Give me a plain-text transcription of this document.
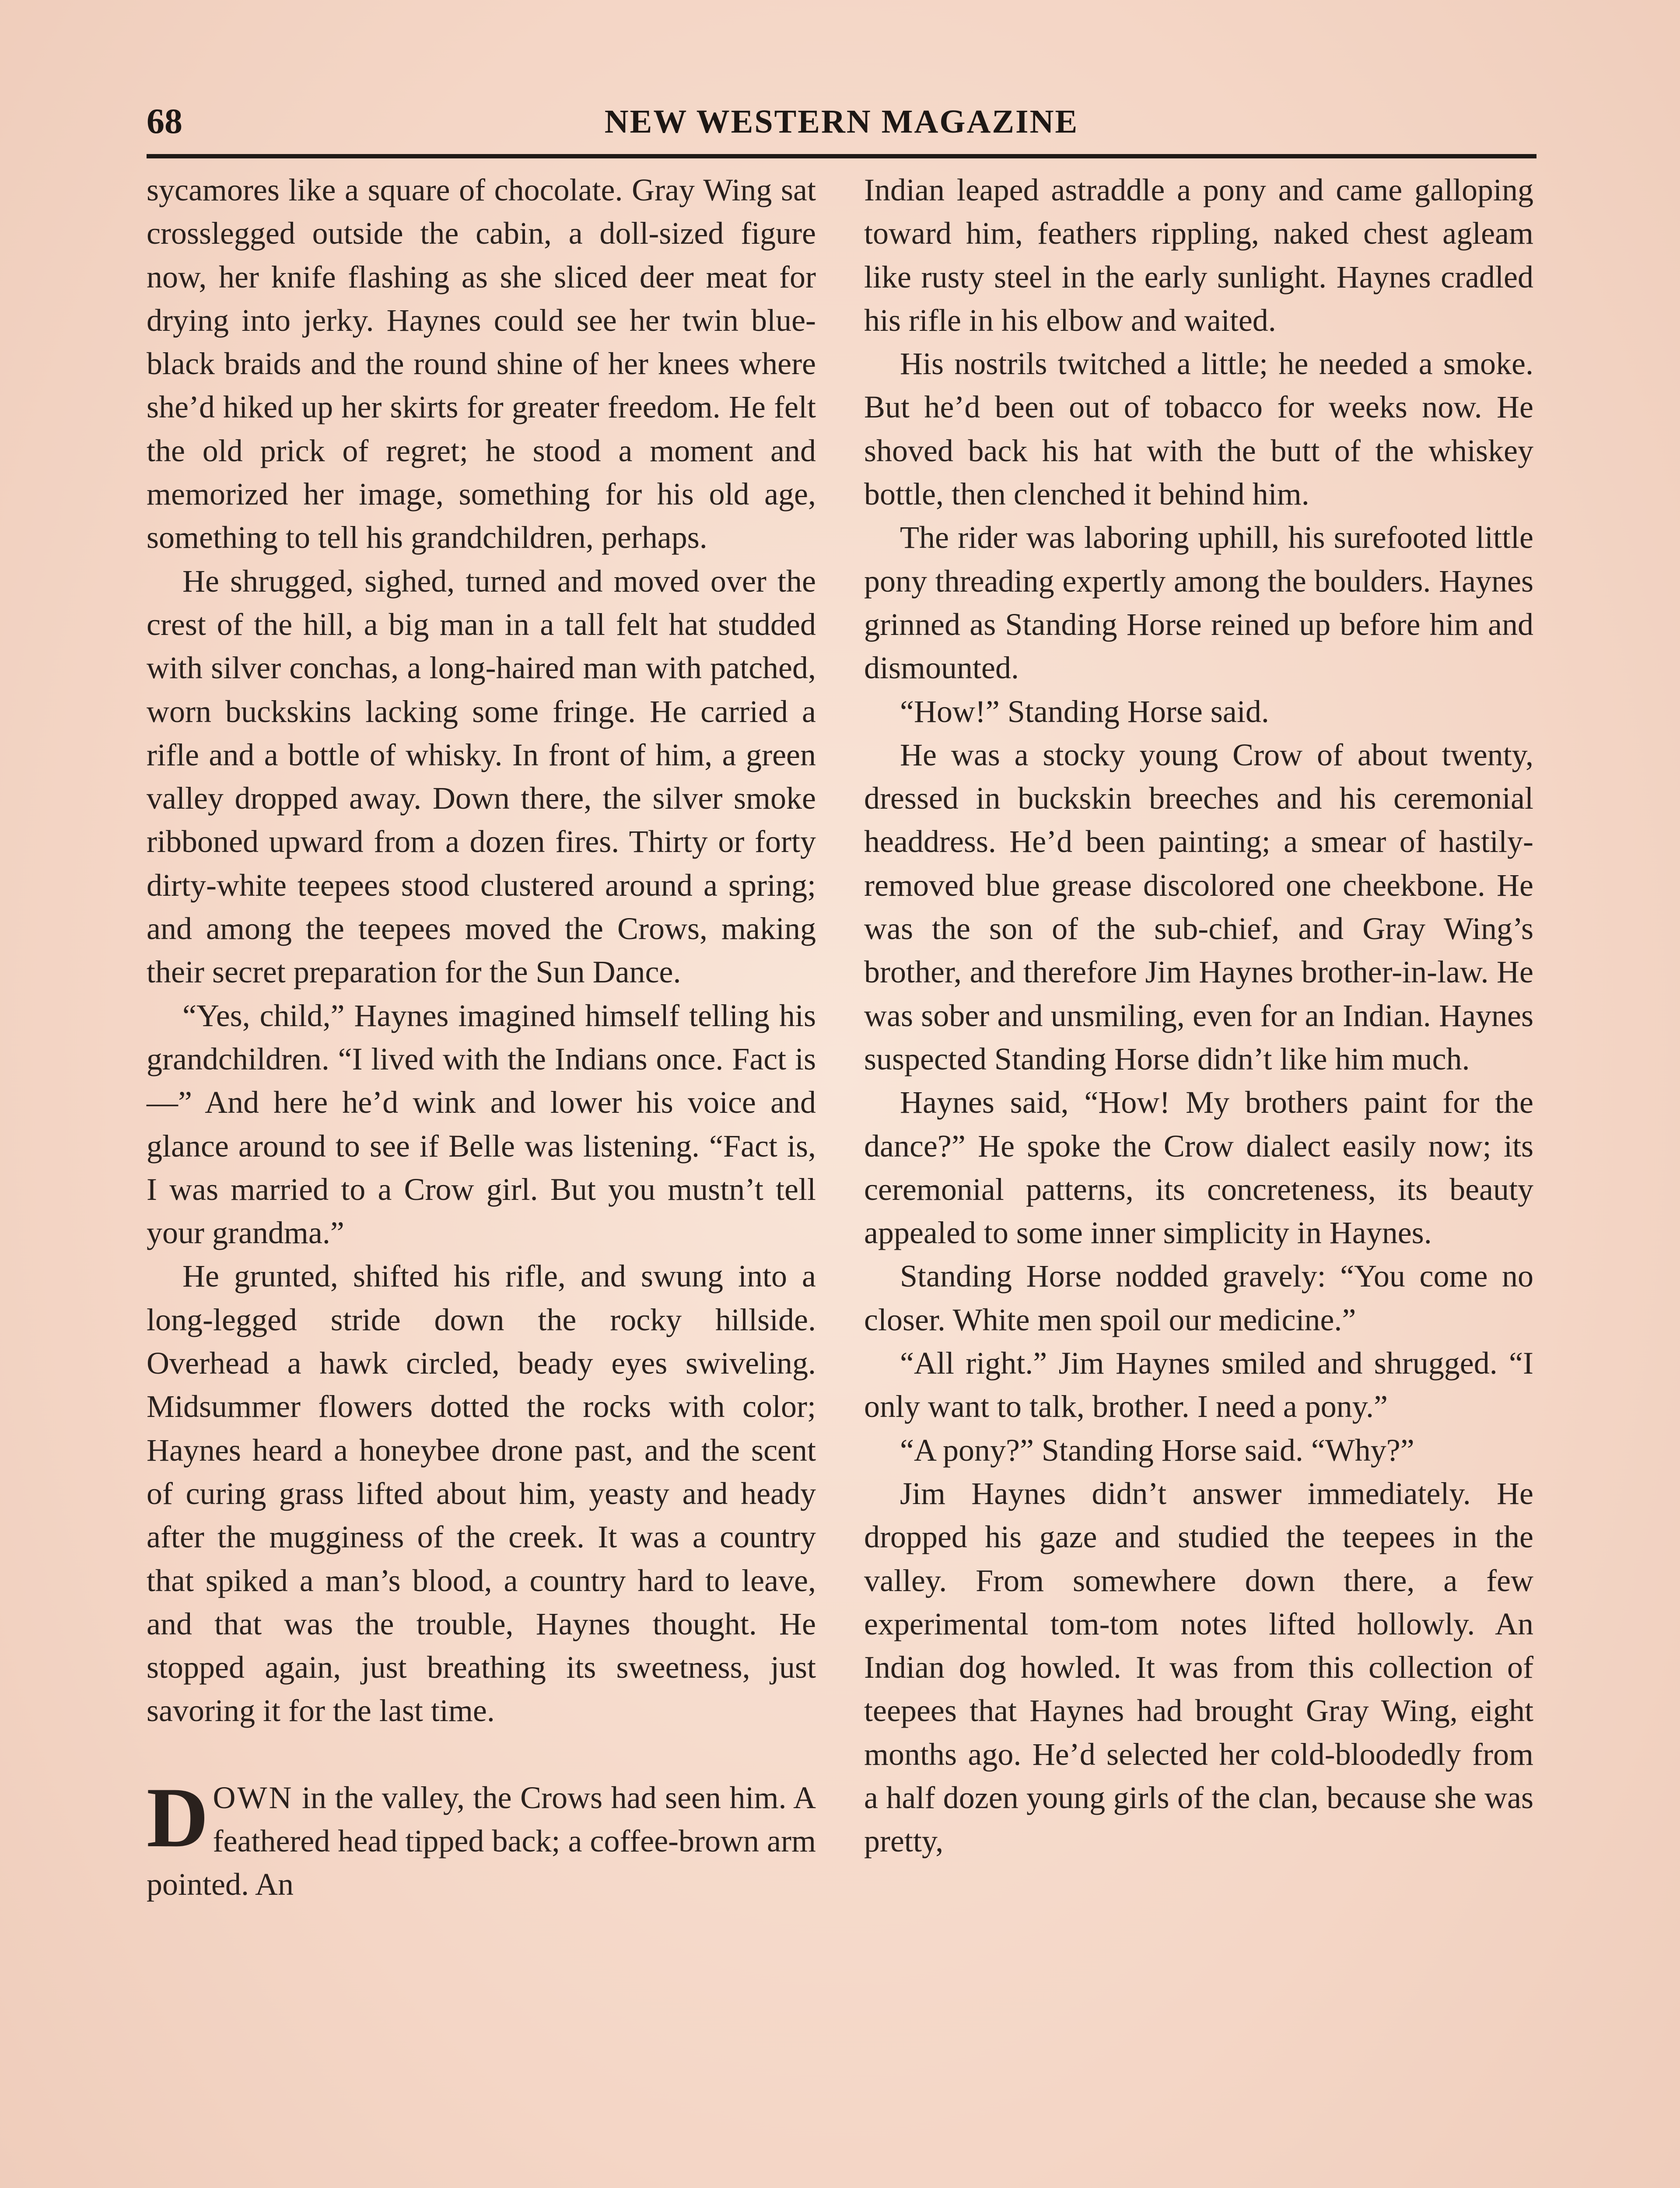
68	NEW WESTERN MAGAZINE

sycamores like a square of chocolate. Gray Wing sat crosslegged outside the cabin, a doll-sized figure now, her knife flashing as she sliced deer meat for drying into jerky. Haynes could see her twin blue-black braids and the round shine of her knees where she’d hiked up her skirts for greater freedom. He felt the old prick of regret; he stood a moment and memorized her image, something for his old age, something to tell his grandchildren, perhaps.

He shrugged, sighed, turned and moved over the crest of the hill, a big man in a tall felt hat studded with silver conchas, a long-haired man with patched, worn buckskins lacking some fringe. He carried a rifle and a bottle of whisky. In front of him, a green valley dropped away. Down there, the silver smoke ribboned upward from a dozen fires. Thirty or forty dirty-white teepees stood clustered around a spring; and among the teepees moved the Crows, making their secret preparation for the Sun Dance.

“Yes, child,” Haynes imagined himself telling his grandchildren. “I lived with the Indians once. Fact is—” And here he’d wink and lower his voice and glance around to see if Belle was listening. “Fact is, I was married to a Crow girl. But you mustn’t tell your grandma.”

He grunted, shifted his rifle, and swung into a long-legged stride down the rocky hillside. Overhead a hawk circled, beady eyes swiveling. Midsummer flowers dotted the rocks with color; Haynes heard a honeybee drone past, and the scent of curing grass lifted about him, yeasty and heady after the mugginess of the creek. It was a country that spiked a man’s blood, a country hard to leave, and that was the trouble, Haynes thought. He stopped again, just breathing its sweetness, just savoring it for the last time.

DOWN in the valley, the Crows had seen him. A feathered head tipped back; a coffee-brown arm pointed. An

Indian leaped astraddle a pony and came galloping toward him, feathers rippling, naked chest agleam like rusty steel in the early sunlight. Haynes cradled his rifle in his elbow and waited.

His nostrils twitched a little; he needed a smoke. But he’d been out of tobacco for weeks now. He shoved back his hat with the butt of the whiskey bottle, then clenched it behind him.

The rider was laboring uphill, his surefooted little pony threading expertly among the boulders. Haynes grinned as Standing Horse reined up before him and dismounted.

“How!” Standing Horse said.

He was a stocky young Crow of about twenty, dressed in buckskin breeches and his ceremonial headdress. He’d been painting; a smear of hastily-removed blue grease discolored one cheekbone. He was the son of the sub-chief, and Gray Wing’s brother, and therefore Jim Haynes brother-in-law. He was sober and unsmiling, even for an Indian. Haynes suspected Standing Horse didn’t like him much.

Haynes said, “How! My brothers paint for the dance?” He spoke the Crow dialect easily now; its ceremonial patterns, its concreteness, its beauty appealed to some inner simplicity in Haynes.

Standing Horse nodded gravely: “You come no closer. White men spoil our medicine.”

“All right.” Jim Haynes smiled and shrugged. “I only want to talk, brother. I need a pony.”

“A pony?” Standing Horse said. “Why?”

Jim Haynes didn’t answer immediately. He dropped his gaze and studied the teepees in the valley. From somewhere down there, a few experimental tom-tom notes lifted hollowly. An Indian dog howled. It was from this collection of teepees that Haynes had brought Gray Wing, eight months ago. He’d selected her cold-bloodedly from a half dozen young girls of the clan, because she was pretty,
